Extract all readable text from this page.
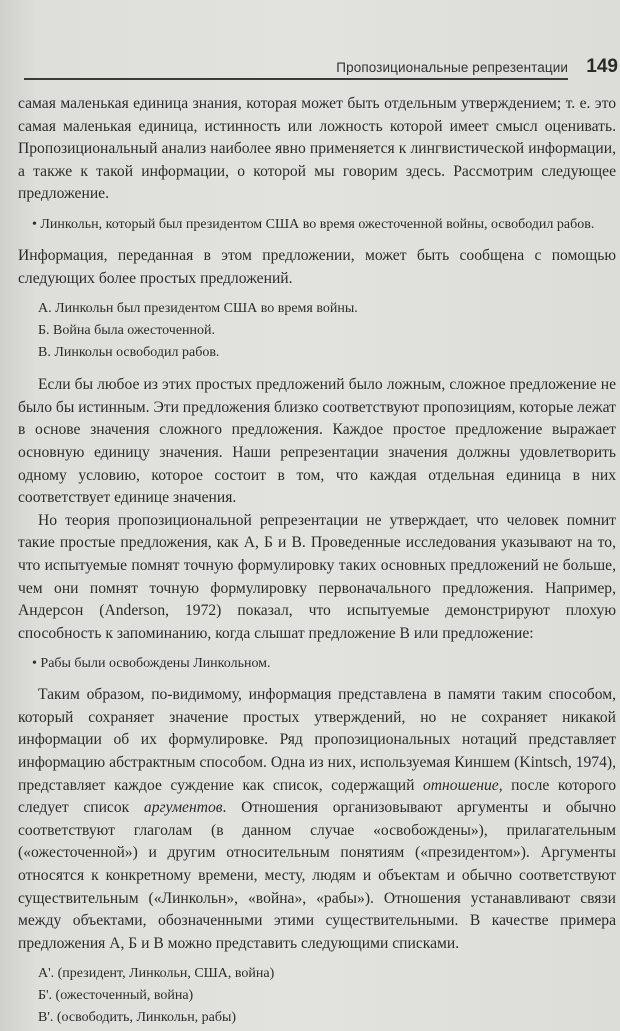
Пропозициональные репрезентации 149

самая маленькая единица знания, которая может быть отдельным утверждением; т. е. это самая маленькая единица, истинность или ложность которой имеет смысл оценивать. Пропозициональный анализ наиболее явно применяется к лингвистической информации, а также к такой информации, о которой мы говорим здесь. Рассмотрим следующее предложение.

• Линкольн, который был президентом США во время ожесточенной войны, освободил рабов.

Информация, переданная в этом предложении, может быть сообщена с помощью следующих более простых предложений.

А. Линкольн был президентом США во время войны.
Б. Война была ожесточенной.
В. Линкольн освободил рабов.

Если бы любое из этих простых предложений было ложным, сложное предложение не было бы истинным. Эти предложения близко соответствуют пропозициям, которые лежат в основе значения сложного предложения. Каждое простое предложение выражает основную единицу значения. Наши репрезентации значения должны удовлетворить одному условию, которое состоит в том, что каждая отдельная единица в них соответствует единице значения.

Но теория пропозициональной репрезентации не утверждает, что человек помнит такие простые предложения, как А, Б и В. Проведенные исследования указывают на то, что испытуемые помнят точную формулировку таких основных предложений не больше, чем они помнят точную формулировку первоначального предложения. Например, Андерсон (Anderson, 1972) показал, что испытуемые демонстрируют плохую способность к запоминанию, когда слышат предложение В или предложение:

• Рабы были освобождены Линкольном.

Таким образом, по-видимому, информация представлена в памяти таким способом, который сохраняет значение простых утверждений, но не сохраняет никакой информации об их формулировке. Ряд пропозициональных нотаций представляет информацию абстрактным способом. Одна из них, используемая Киншем (Kintsch, 1974), представляет каждое суждение как список, содержащий отношение, после которого следует список аргументов. Отношения организовывают аргументы и обычно соответствуют глаголам (в данном случае «освобождены»), прилагательным («ожесточенной») и другим относительным понятиям («президентом»). Аргументы относятся к конкретному времени, месту, людям и объектам и обычно соответствуют существительным («Линкольн», «война», «рабы»). Отношения устанавливают связи между объектами, обозначенными этими существительными. В качестве примера предложения А, Б и В можно представить следующими списками.

А'. (президент, Линкольн, США, война)
Б'. (ожесточенный, война)
В'. (освободить, Линкольн, рабы)
